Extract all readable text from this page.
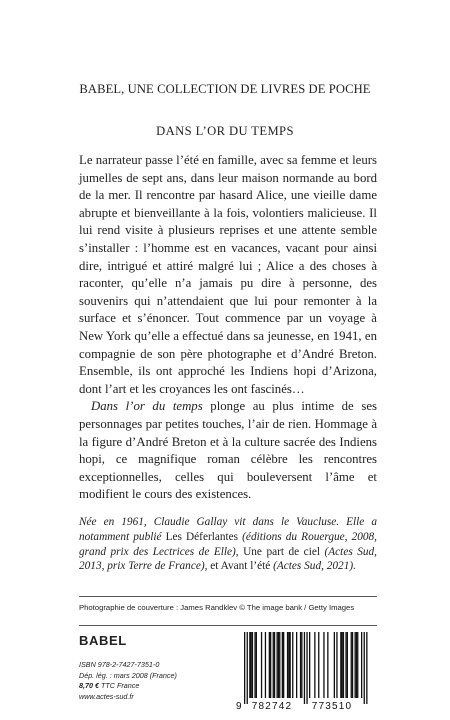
BABEL, UNE COLLECTION DE LIVRES DE POCHE
DANS L’OR DU TEMPS

Le narrateur passe l’été en famille, avec sa femme et leurs jumelles de sept ans, dans leur maison normande au bord de la mer. Il rencontre par hasard Alice, une vieille dame abrupte et bienveillante à la fois, volontiers malicieuse. Il lui rend visite à plusieurs reprises et une attente semble s’installer : l’homme est en vacances, vacant pour ainsi dire, intrigué et attiré malgré lui ; Alice a des choses à raconter, qu’elle n’a jamais pu dire à personne, des souvenirs qui n’attendaient que lui pour remonter à la surface et s’énoncer. Tout commence par un voyage à New York qu’elle a effectué dans sa jeunesse, en 1941, en compagnie de son père photographe et d’André Breton. Ensemble, ils ont approché les Indiens hopi d’Arizona, dont l’art et les croyances les ont fascinés…

Dans l’or du temps plonge au plus intime de ses personnages par petites touches, l’air de rien. Hommage à la figure d’André Breton et à la culture sacrée des Indiens hopi, ce magnifique roman célèbre les rencontres exceptionnelles, celles qui bouleversent l’âme et modifient le cours des existences.

Née en 1961, Claudie Gallay vit dans le Vaucluse. Elle a notamment publié Les Déferlantes (éditions du Rouergue, 2008, grand prix des Lectrices de Elle), Une part de ciel (Actes Sud, 2013, prix Terre de France), et Avant l’été (Actes Sud, 2021).
Photographie de couverture : James Randklev © The image bank / Getty Images
BABEL
ISBN 978-2-7427-7351-0
Dép. lég. : mars 2008 (France)
8,70 € TTC France
www.actes-sud.fr
9 782742 773510
